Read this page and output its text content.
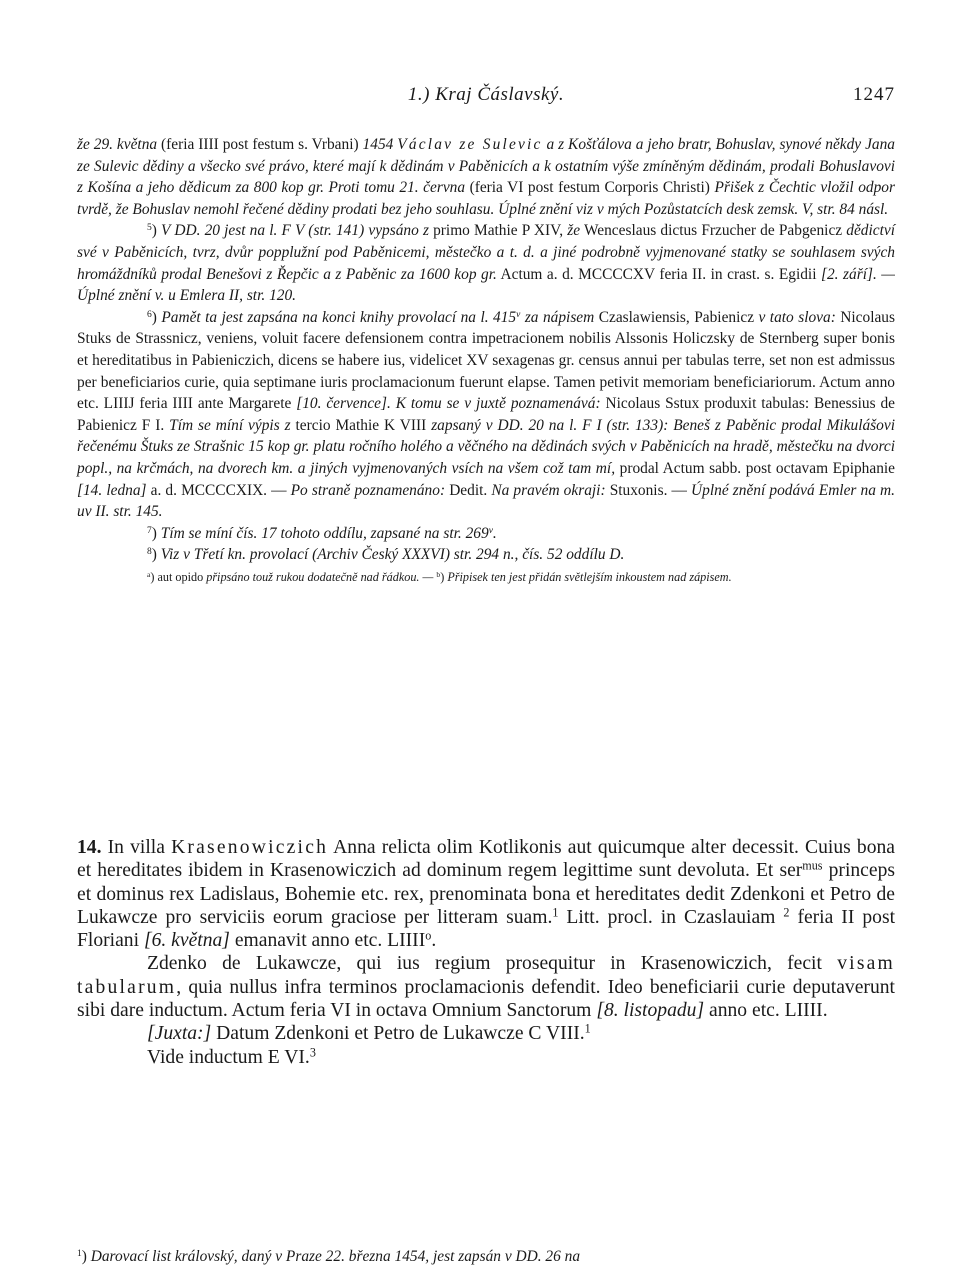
1.) Kraj Čáslavský.	1247

že 29. května (feria IIII post festum s. Vrbani) 1454 Václav ze Sulevic a z Košťálova a jeho bratr, Bohuslav, synové někdy Jana ze Sulevic dědiny a všecko své právo, které mají k dědinám v Paběnicích a k ostatním výše zmíněným dědinám, prodali Bohuslavovi z Košína a jeho dědicum za 800 kop gr. Proti tomu 21. června (feria VI post festum Corporis Christi) Přišek z Čechtic vložil odpor tvrdě, že Bohuslav nemohl řečené dědiny prodati bez jeho souhlasu. Úplné znění viz v mých Pozůstatcích desk zemsk. V, str. 84 násl.

$^5$) V DD. 20 jest na l. F V (str. 141) vypsáno z primo Mathie P XIV, že Wenceslaus dictus Frzucher de Pabgenicz dědictví své v Paběnicích, tvrz, dvůr popplužní pod Paběnicemi, městečko a t. d. a jiné podrobně vyjmenované statky se souhlasem svých hromáždníků prodal Benešovi z Řepčic a z Paběnic za 1600 kop gr. Actum a. d. MCCCCXV feria II. in crast. s. Egidii [2. září]. — Úplné znění v. u Emlera II, str. 120.

$^6$) Pamět ta jest zapsána na konci knihy provolací na l. 415$^v$ za nápisem Czaslawiensis, Pabienicz v tato slova: Nicolaus Stuks de Strassnicz, veniens, voluit facere defensionem contra impetracionem nobilis Alssonis Holiczsky de Sternberg super bonis et hereditatibus in Pabieniczich, dicens se habere ius, videlicet XV sexagenas gr. census annui per tabulas terre, set non est admissus per beneficiarios curie, quia septimane iuris proclamacionum fuerunt elapse. Tamen petivit memoriam beneficiariorum. Actum anno etc. LIIIJ feria IIII ante Margarete [10. července]. K tomu se v juxtě poznamenává: Nicolaus Sstux produxit tabulas: Benessius de Pabienicz F I. Tím se míní výpis z tercio Mathie K VIII zapsaný v DD. 20 na l. F I (str. 133): Beneš z Paběnic prodal Mikulášovi řečenému Štuks ze Strašnic 15 kop gr. platu ročního holého a věčného na dědinách svých v Paběnicích na hradě, městečku na dvorci popl., na krčmách, na dvorech km. a jiných vyjmenovaných vsích na všem což tam mí, prodal Actum sabb. post octavam Epiphanie [14. ledna] a. d. MCCCCXIX. — Po straně poznamenáno: Dedit. Na pravém okraji: Stuxonis. — Úplné znění podává Emler na m. uv II. str. 145.

$^7$) Tím se míní čís. 17 tohoto oddílu, zapsané na str. 269$^v$.

$^8$) Viz v Třetí kn. provolací (Archiv Český XXXVI) str. 294 n., čís. 52 oddílu D.

$^a$) aut opido připsáno touž rukou dodatečně nad řádkou. — $^b$) Připisek ten jest přidán světlejším inkoustem nad zápisem.

14. In villa Krasenowiczich Anna relicta olim Kotlikonis aut quicumque alter decessit. Cuius bona et hereditates ibidem in Krasenowiczich ad dominum regem legittime sunt devoluta. Et ser$^{mus}$ princeps et dominus rex Ladislaus, Bohemie etc. rex, prenominata bona et hereditates dedit Zdenkoni et Petro de Lukawcze pro serviciis eorum graciose per litteram suam.$^1$ Litt. procl. in Czaslauiam $^2$ feria II post Floriani [6. května] emanavit anno etc. LIIII$^o$.

Zdenko de Lukawcze, qui ius regium prosequitur in Krasenowiczich, fecit visam tabularum, quia nullus infra terminos proclamacionis defendit. Ideo beneficiarii curie deputaverunt sibi dare inductum. Actum feria VI in octava Omnium Sanctorum [8. listopadu] anno etc. LIIII.

[Juxta:] Datum Zdenkoni et Petro de Lukawcze C VIII.$^1$

Vide inductum E VI.$^3$

$^1$) Darovací list královský, daný v Praze 22. března 1454, jest zapsán v DD. 26 na
